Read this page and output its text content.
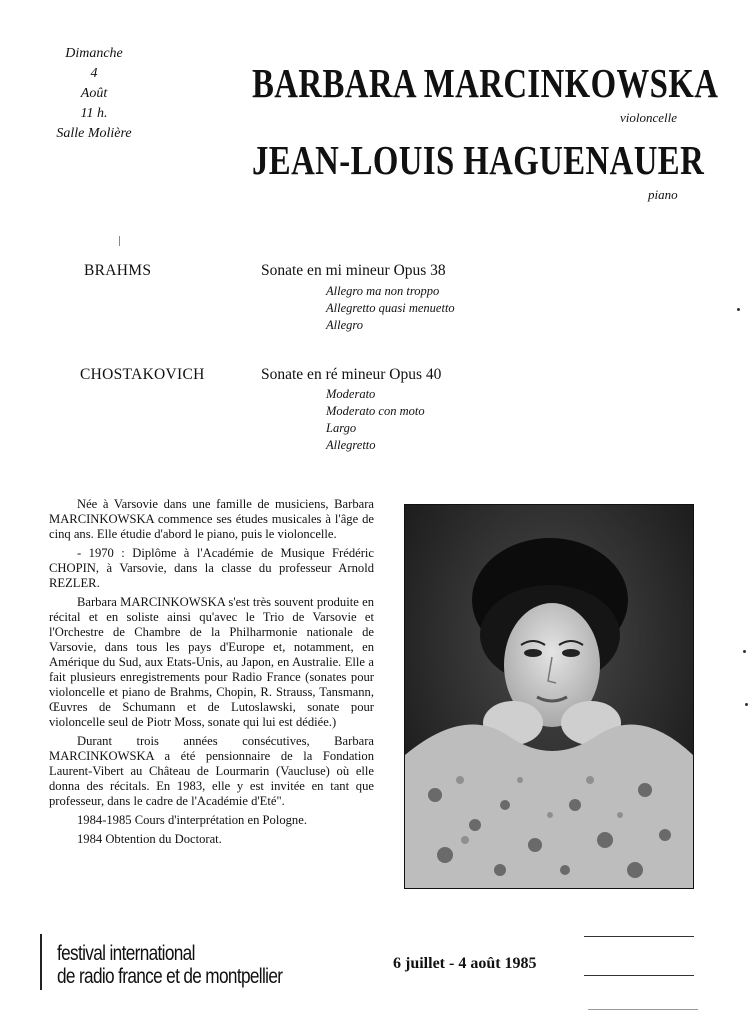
Dimanche
4
Août
11 h.
Salle Molière
BARBARA MARCINKOWSKA
violoncelle
JEAN-LOUIS HAGUENAUER
piano
BRAHMS	Sonate en mi mineur Opus 38
Allegro ma non troppo
Allegretto quasi menuetto
Allegro
CHOSTAKOVICH	Sonate en ré mineur Opus 40
Moderato
Moderato con moto
Largo
Allegretto

Née à Varsovie dans une famille de musiciens, Barbara MARCINKOWSKA commence ses études musicales à l'âge de cinq ans. Elle étudie d'abord le piano, puis le violoncelle.

- 1970 : Diplôme à l'Académie de Musique Frédéric CHOPIN, à Varsovie, dans la classe du professeur Arnold REZLER.

Barbara MARCINKOWSKA s'est très souvent produite en récital et en soliste ainsi qu'avec le Trio de Varsovie et l'Orchestre de Chambre de la Philharmonie nationale de Varsovie, dans tous les pays d'Europe et, notamment, en Amérique du Sud, aux Etats-Unis, au Japon, en Australie. Elle a fait plusieurs enregistrements pour Radio France (sonates pour violoncelle et piano de Brahms, Chopin, R. Strauss, Tansmann, Œuvres de Schumann et de Lutoslawski, sonate pour violoncelle seul de Piotr Moss, sonate qui lui est dédiée.)

Durant trois années consécutives, Barbara MARCINKOWSKA a été pensionnaire de la Fondation Laurent-Vibert au Château de Lourmarin (Vaucluse) où elle donna des récitals. En 1983, elle y est invitée en tant que professeur, dans le cadre de l'Académie d'Eté".

1984-1985 Cours d'interprétation en Pologne.

1984 Obtention du Doctorat.

festival international
de radio france et de montpellier
6 juillet - 4 août 1985
